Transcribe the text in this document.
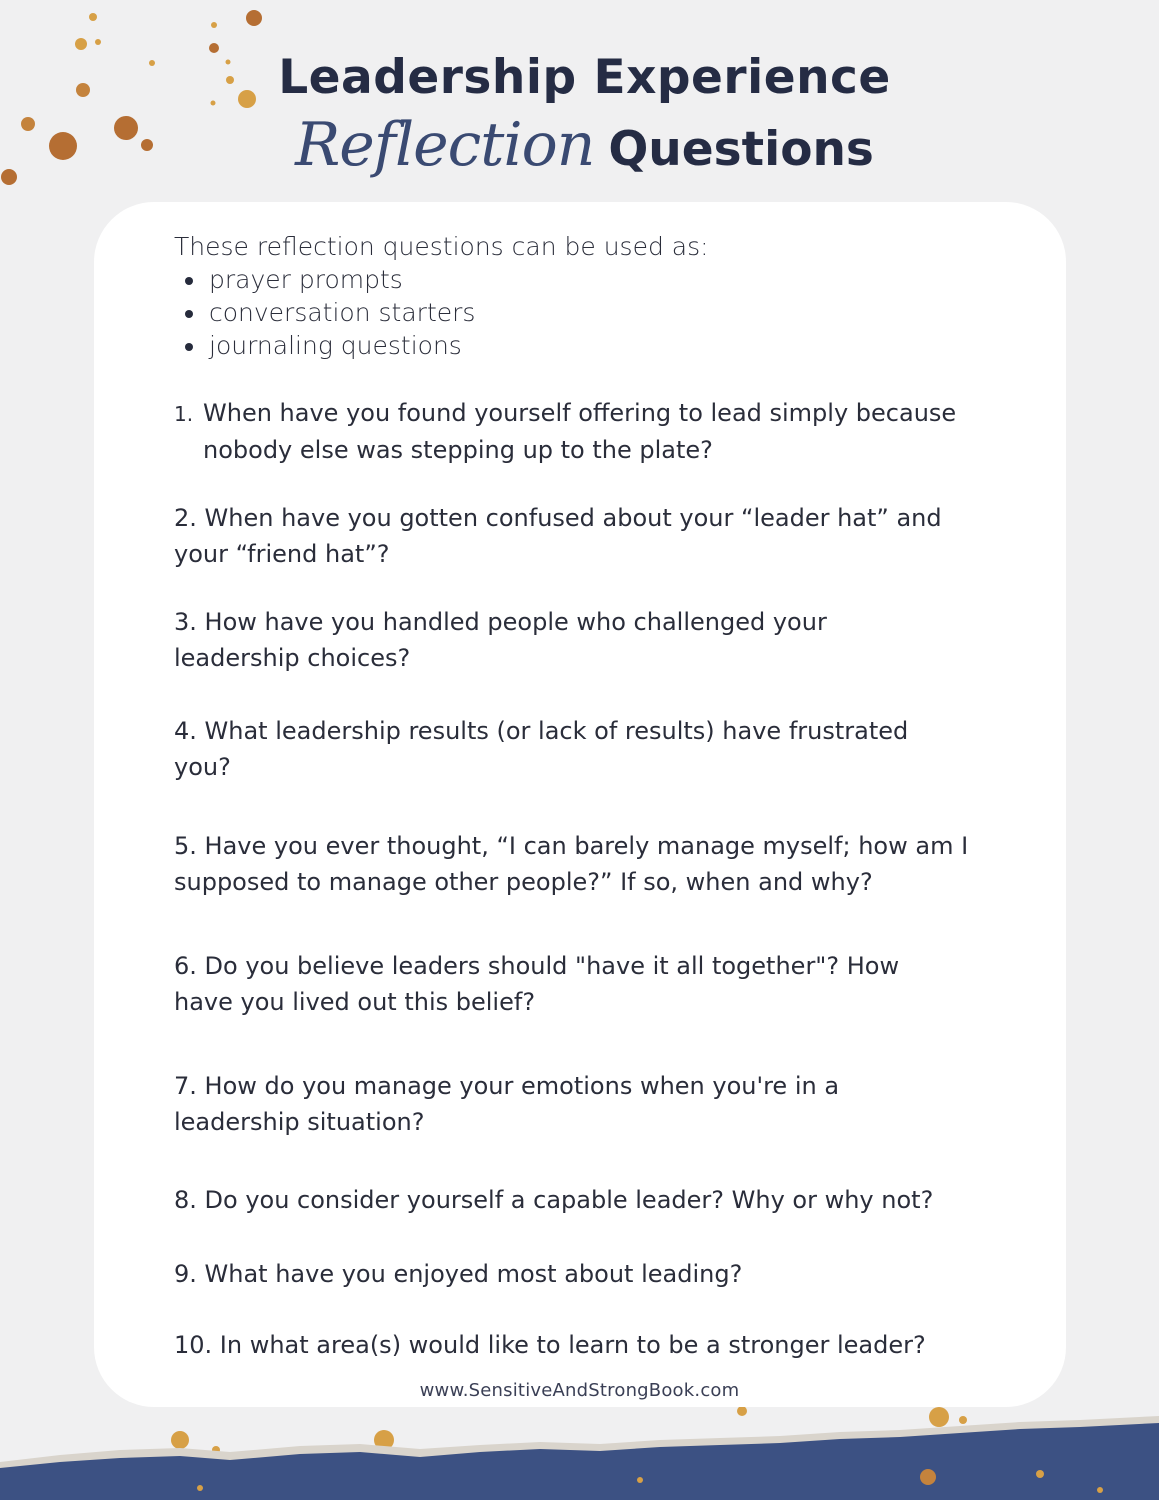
Leadership Experience
Reflection Questions
These reflection questions can be used as:
prayer prompts
conversation starters
journaling questions
1. When have you found yourself offering to lead simply because
nobody else was stepping up to the plate?
2. When have you gotten confused about your “leader hat” and your “friend hat”?
3. How have you handled people who challenged your leadership choices?
4. What leadership results (or lack of results) have frustrated you?
5. Have you ever thought, “I can barely manage myself; how am I supposed to manage other people?” If so, when and why?
6. Do you believe leaders should "have it all together"? How have you lived out this belief?
7. How do you manage your emotions when you're in a leadership situation?
8. Do you consider yourself a capable leader? Why or why not?
9. What have you enjoyed most about leading?
10. In what area(s) would like to learn to be a stronger leader?
www.SensitiveAndStrongBook.com
